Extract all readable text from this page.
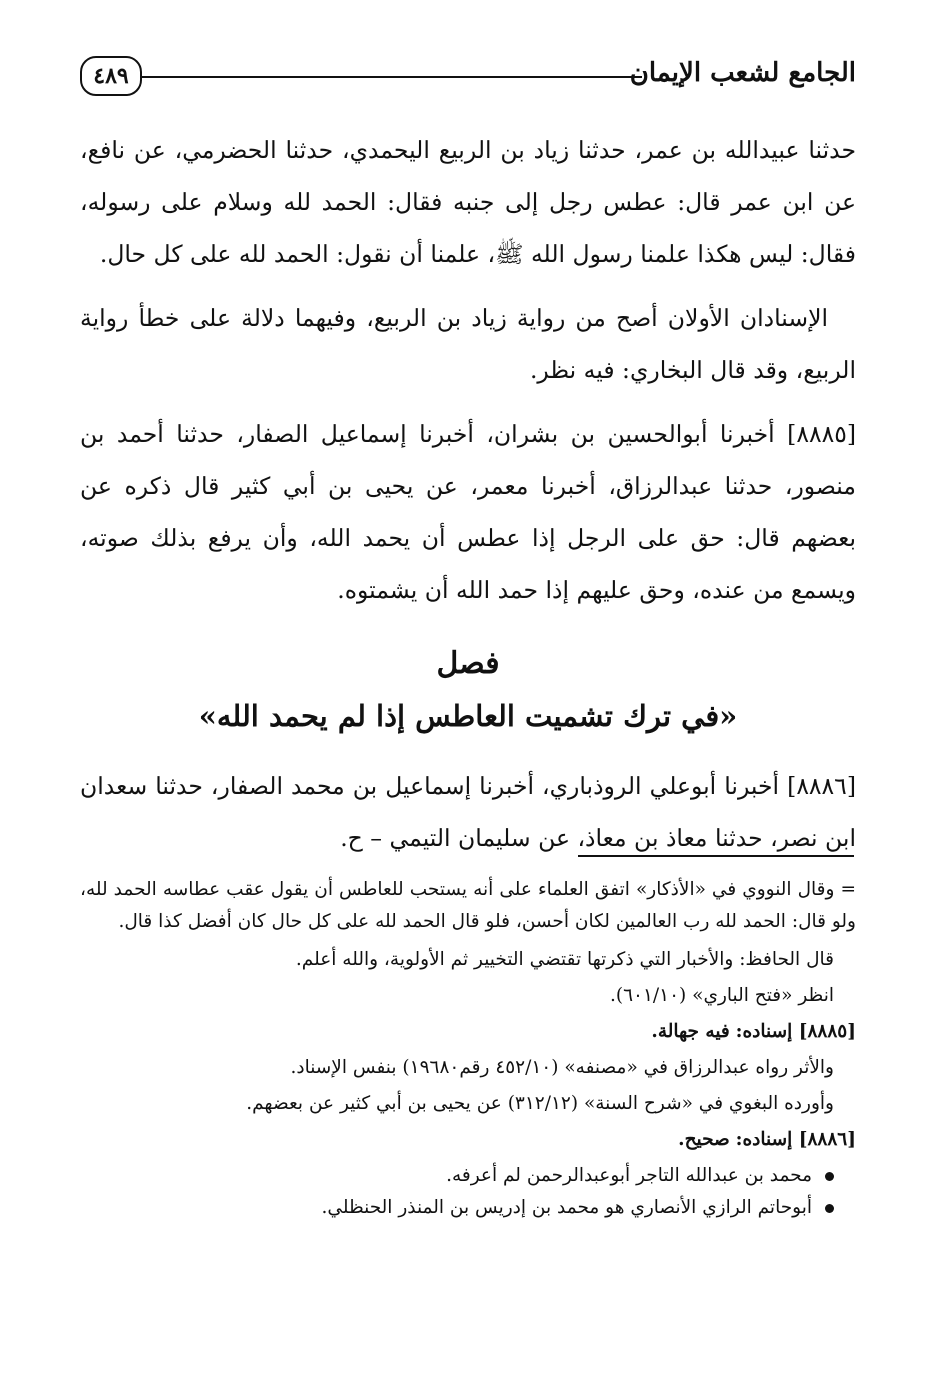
الجامع لشعب الإيمان
٤٨٩

حدثنا عبيدالله بن عمر، حدثنا زياد بن الربيع اليحمدي، حدثنا الحضرمي، عن نافع، عن ابن عمر قال: عطس رجل إلى جنبه فقال: الحمد لله وسلام على رسوله، فقال: ليس هكذا علمنا رسول الله ﷺ، علمنا أن نقول: الحمد لله على كل حال.

الإسنادان الأولان أصح من رواية زياد بن الربيع، وفيهما دلالة على خطأ رواية الربيع، وقد قال البخاري: فيه نظر.

[٨٨٨٥] أخبرنا أبوالحسين بن بشران، أخبرنا إسماعيل الصفار، حدثنا أحمد بن منصور، حدثنا عبدالرزاق، أخبرنا معمر، عن يحيى بن أبي كثير قال ذكره عن بعضهم قال: حق على الرجل إذا عطس أن يحمد الله، وأن يرفع بذلك صوته، ويسمع من عنده، وحق عليهم إذا حمد الله أن يشمتوه.

فصل

«في ترك تشميت العاطس إذا لم يحمد الله»

[٨٨٨٦] أخبرنا أبوعلي الروذباري، أخبرنا إسماعيل بن محمد الصفار، حدثنا سعدان ابن نصر، حدثنا معاذ بن معاذ، عن سليمان التيمي – ح.

= وقال النووي في «الأذكار» اتفق العلماء على أنه يستحب للعاطس أن يقول عقب عطاسه الحمد لله، ولو قال: الحمد لله رب العالمين لكان أحسن، فلو قال الحمد لله على كل حال كان أفضل كذا قال.

قال الحافظ: والأخبار التي ذكرتها تقتضي التخيير ثم الأولوية، والله أعلم.

انظر «فتح الباري» (٦٠١/١٠).

[٨٨٨٥] إسناده: فيه جهالة.

والأثر رواه عبدالرزاق في «مصنفه» (٤٥٢/١٠ رقم١٩٦٨٠) بنفس الإسناد.

وأورده البغوي في «شرح السنة» (٣١٢/١٢) عن يحيى بن أبي كثير عن بعضهم.

[٨٨٨٦] إسناده: صحيح.

محمد بن عبدالله التاجر أبوعبدالرحمن لم أعرفه.
أبوحاتم الرازي الأنصاري هو محمد بن إدريس بن المنذر الحنظلي.
